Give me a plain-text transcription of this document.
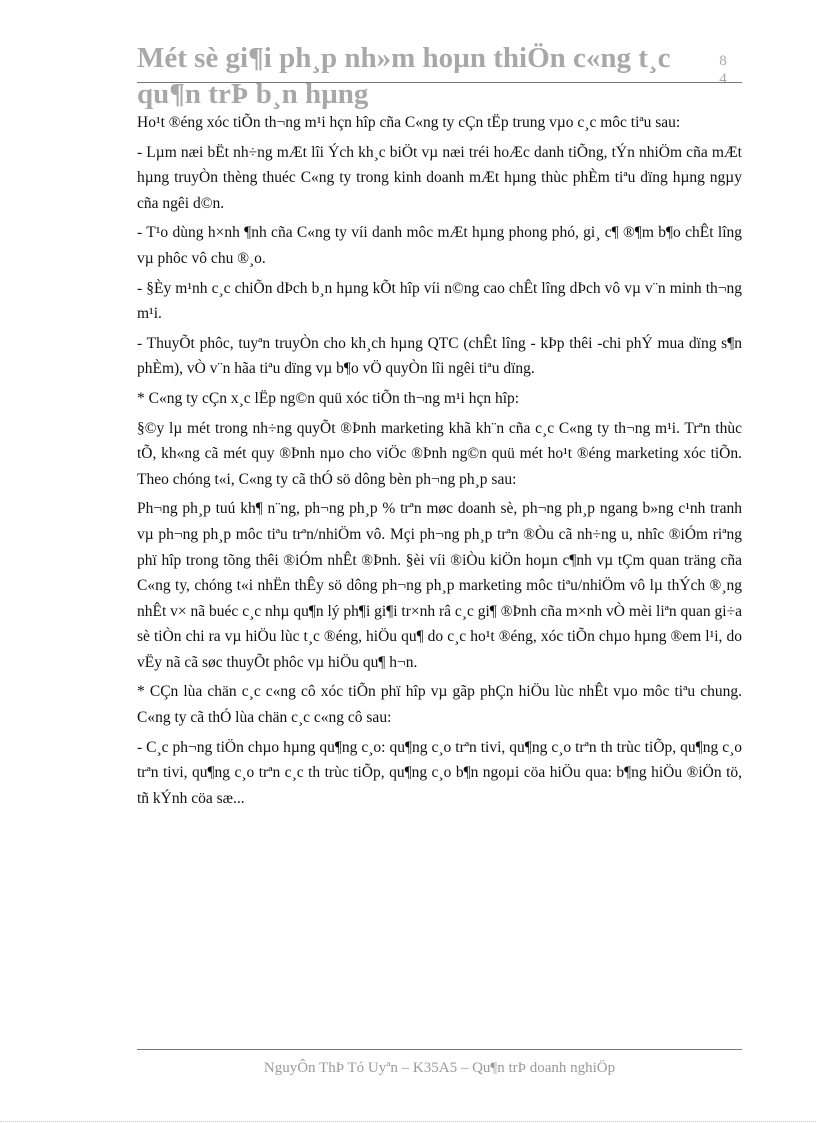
Mét sè gi¶i ph¸p nh»m hoµn thiÖn c«ng t¸c qu¶n trÞ b¸n hµng
8
4

Ho¹t ®éng xóc tiÕn th¬ng m¹i hçn hîp cña C«ng ty cÇn tËp trung vµo c¸c môc tiªu sau:

- Lµm næi bËt nh÷ng mÆt lîi Ých kh¸c biÖt vµ næi tréi hoÆc danh tiÕng, tÝn nhiÖm cña mÆt hµng truyÒn thèng thuéc C«ng ty trong kinh doanh mÆt hµng thùc phÈm tiªu dïng hµng ngµy cña ngêi d©n.

- T¹o dùng h×nh ¶nh cña C«ng ty víi danh môc mÆt hµng phong phó, gi¸ c¶ ®¶m b¶o chÊt lîng vµ phôc vô chu ®¸o.

- §Èy m¹nh c¸c chiÕn dÞch b¸n hµng kÕt hîp víi n©ng cao chÊt lîng dÞch vô vµ v¨n minh th¬ng m¹i.

- ThuyÕt phôc, tuyªn truyÒn cho kh¸ch hµng QTC (chÊt lîng - kÞp thêi -chi phÝ mua dïng s¶n phÈm), vÒ v¨n hãa tiªu dïng vµ b¶o vÖ quyÒn lîi ngêi tiªu dïng.

* C«ng ty cÇn x¸c lËp ng©n quü xóc tiÕn th¬ng m¹i hçn hîp:

§©y lµ mét trong nh÷ng quyÕt ®Þnh marketing khã kh¨n cña c¸c C«ng ty th¬ng m¹i. Trªn thùc tÕ, kh«ng cã mét quy ®Þnh nµo cho viÖc ®Þnh ng©n quü mét ho¹t ®éng marketing xóc tiÕn. Theo chóng t«i, C«ng ty cã thÓ sö dông bèn ph¬ng ph¸p sau:

Ph¬ng ph¸p tuú kh¶ n¨ng, ph¬ng ph¸p % trªn møc doanh sè, ph¬ng ph¸p ngang b»ng c¹nh tranh vµ ph¬ng ph¸p môc tiªu trªn/nhiÖm vô. Mçi ph¬ng ph¸p trªn ®Òu cã nh÷ng u, nhîc ®iÓm riªng phï hîp trong tõng thêi ®iÓm nhÊt ®Þnh. §èi víi ®iÒu kiÖn hoµn c¶nh vµ tÇm quan träng cña C«ng ty, chóng t«i nhËn thÊy sö dông ph¬ng ph¸p marketing môc tiªu/nhiÖm vô lµ thÝch ®¸ng nhÊt v× nã buéc c¸c nhµ qu¶n lý ph¶i gi¶i tr×nh râ c¸c gi¶ ®Þnh cña m×nh vÒ mèi liªn quan gi÷a sè tiÒn chi ra vµ hiÖu lùc t¸c ®éng, hiÖu qu¶ do c¸c ho¹t ®éng, xóc tiÕn chµo hµng ®em l¹i, do vËy nã cã søc thuyÕt phôc vµ hiÖu qu¶ h¬n.

* CÇn lùa chän c¸c c«ng cô xóc tiÕn phï hîp vµ gãp phÇn hiÖu lùc nhÊt vµo môc tiªu chung. C«ng ty cã thÓ lùa chän c¸c c«ng cô sau:

- C¸c ph¬ng tiÖn chµo hµng qu¶ng c¸o: qu¶ng c¸o trªn tivi, qu¶ng c¸o trªn th trùc tiÕp, qu¶ng c¸o trªn tivi, qu¶ng c¸o trªn c¸c th trùc tiÕp, qu¶ng c¸o b¶n ngoµi cöa hiÖu qua: b¶ng hiÖu ®iÖn tö, tñ kÝnh cöa sæ...

NguyÔn ThÞ Tó Uyªn – K35A5 – Qu¶n trÞ doanh nghiÖp
